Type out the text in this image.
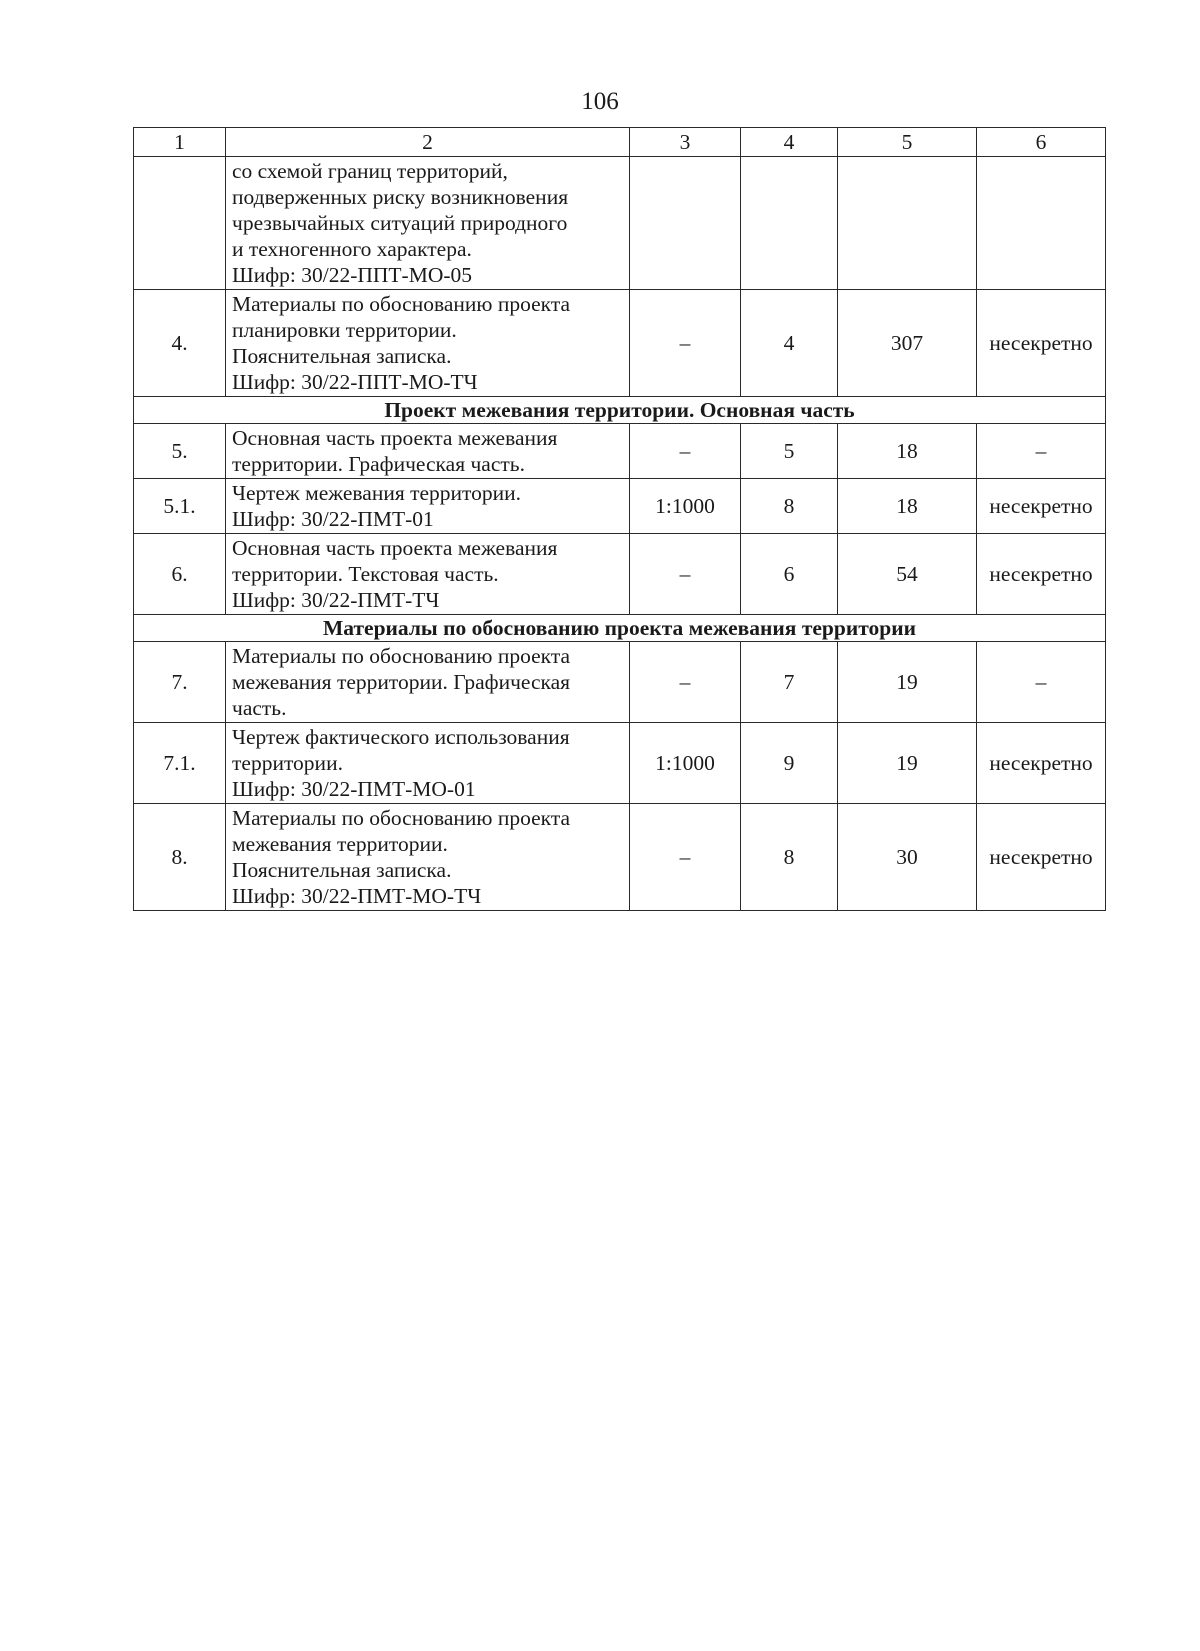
106
1	2	3	4	5	6

	со схемой границ территорий,
подверженных риску возникновения
чрезвычайных ситуаций природного
и техногенного характера.
Шифр: 30/22-ППТ-МО-05				

4.	Материалы по обоснованию проекта
планировки территории.
Пояснительная записка.
Шифр: 30/22-ППТ-МО-ТЧ	–	4	307	несекретно
Проект межевания территории. Основная часть					
5.	Основная часть проекта межевания
территории. Графическая часть.	–	5	18	–
5.1.	Чертеж межевания территории.
Шифр: 30/22-ПМТ-01	1:1000	8	18	несекретно
6.	Основная часть проекта межевания
территории. Текстовая часть.
Шифр: 30/22-ПМТ-ТЧ	–	6	54	несекретно
Материалы по обоснованию проекта межевания территории					
7.	Материалы по обоснованию проекта
межевания территории. Графическая
часть.	–	7	19	–
7.1.	Чертеж фактического использования
территории.
Шифр: 30/22-ПМТ-МО-01	1:1000	9	19	несекретно
8.	Материалы по обоснованию проекта
межевания территории.
Пояснительная записка.
Шифр: 30/22-ПМТ-МО-ТЧ	–	8	30	несекретно
